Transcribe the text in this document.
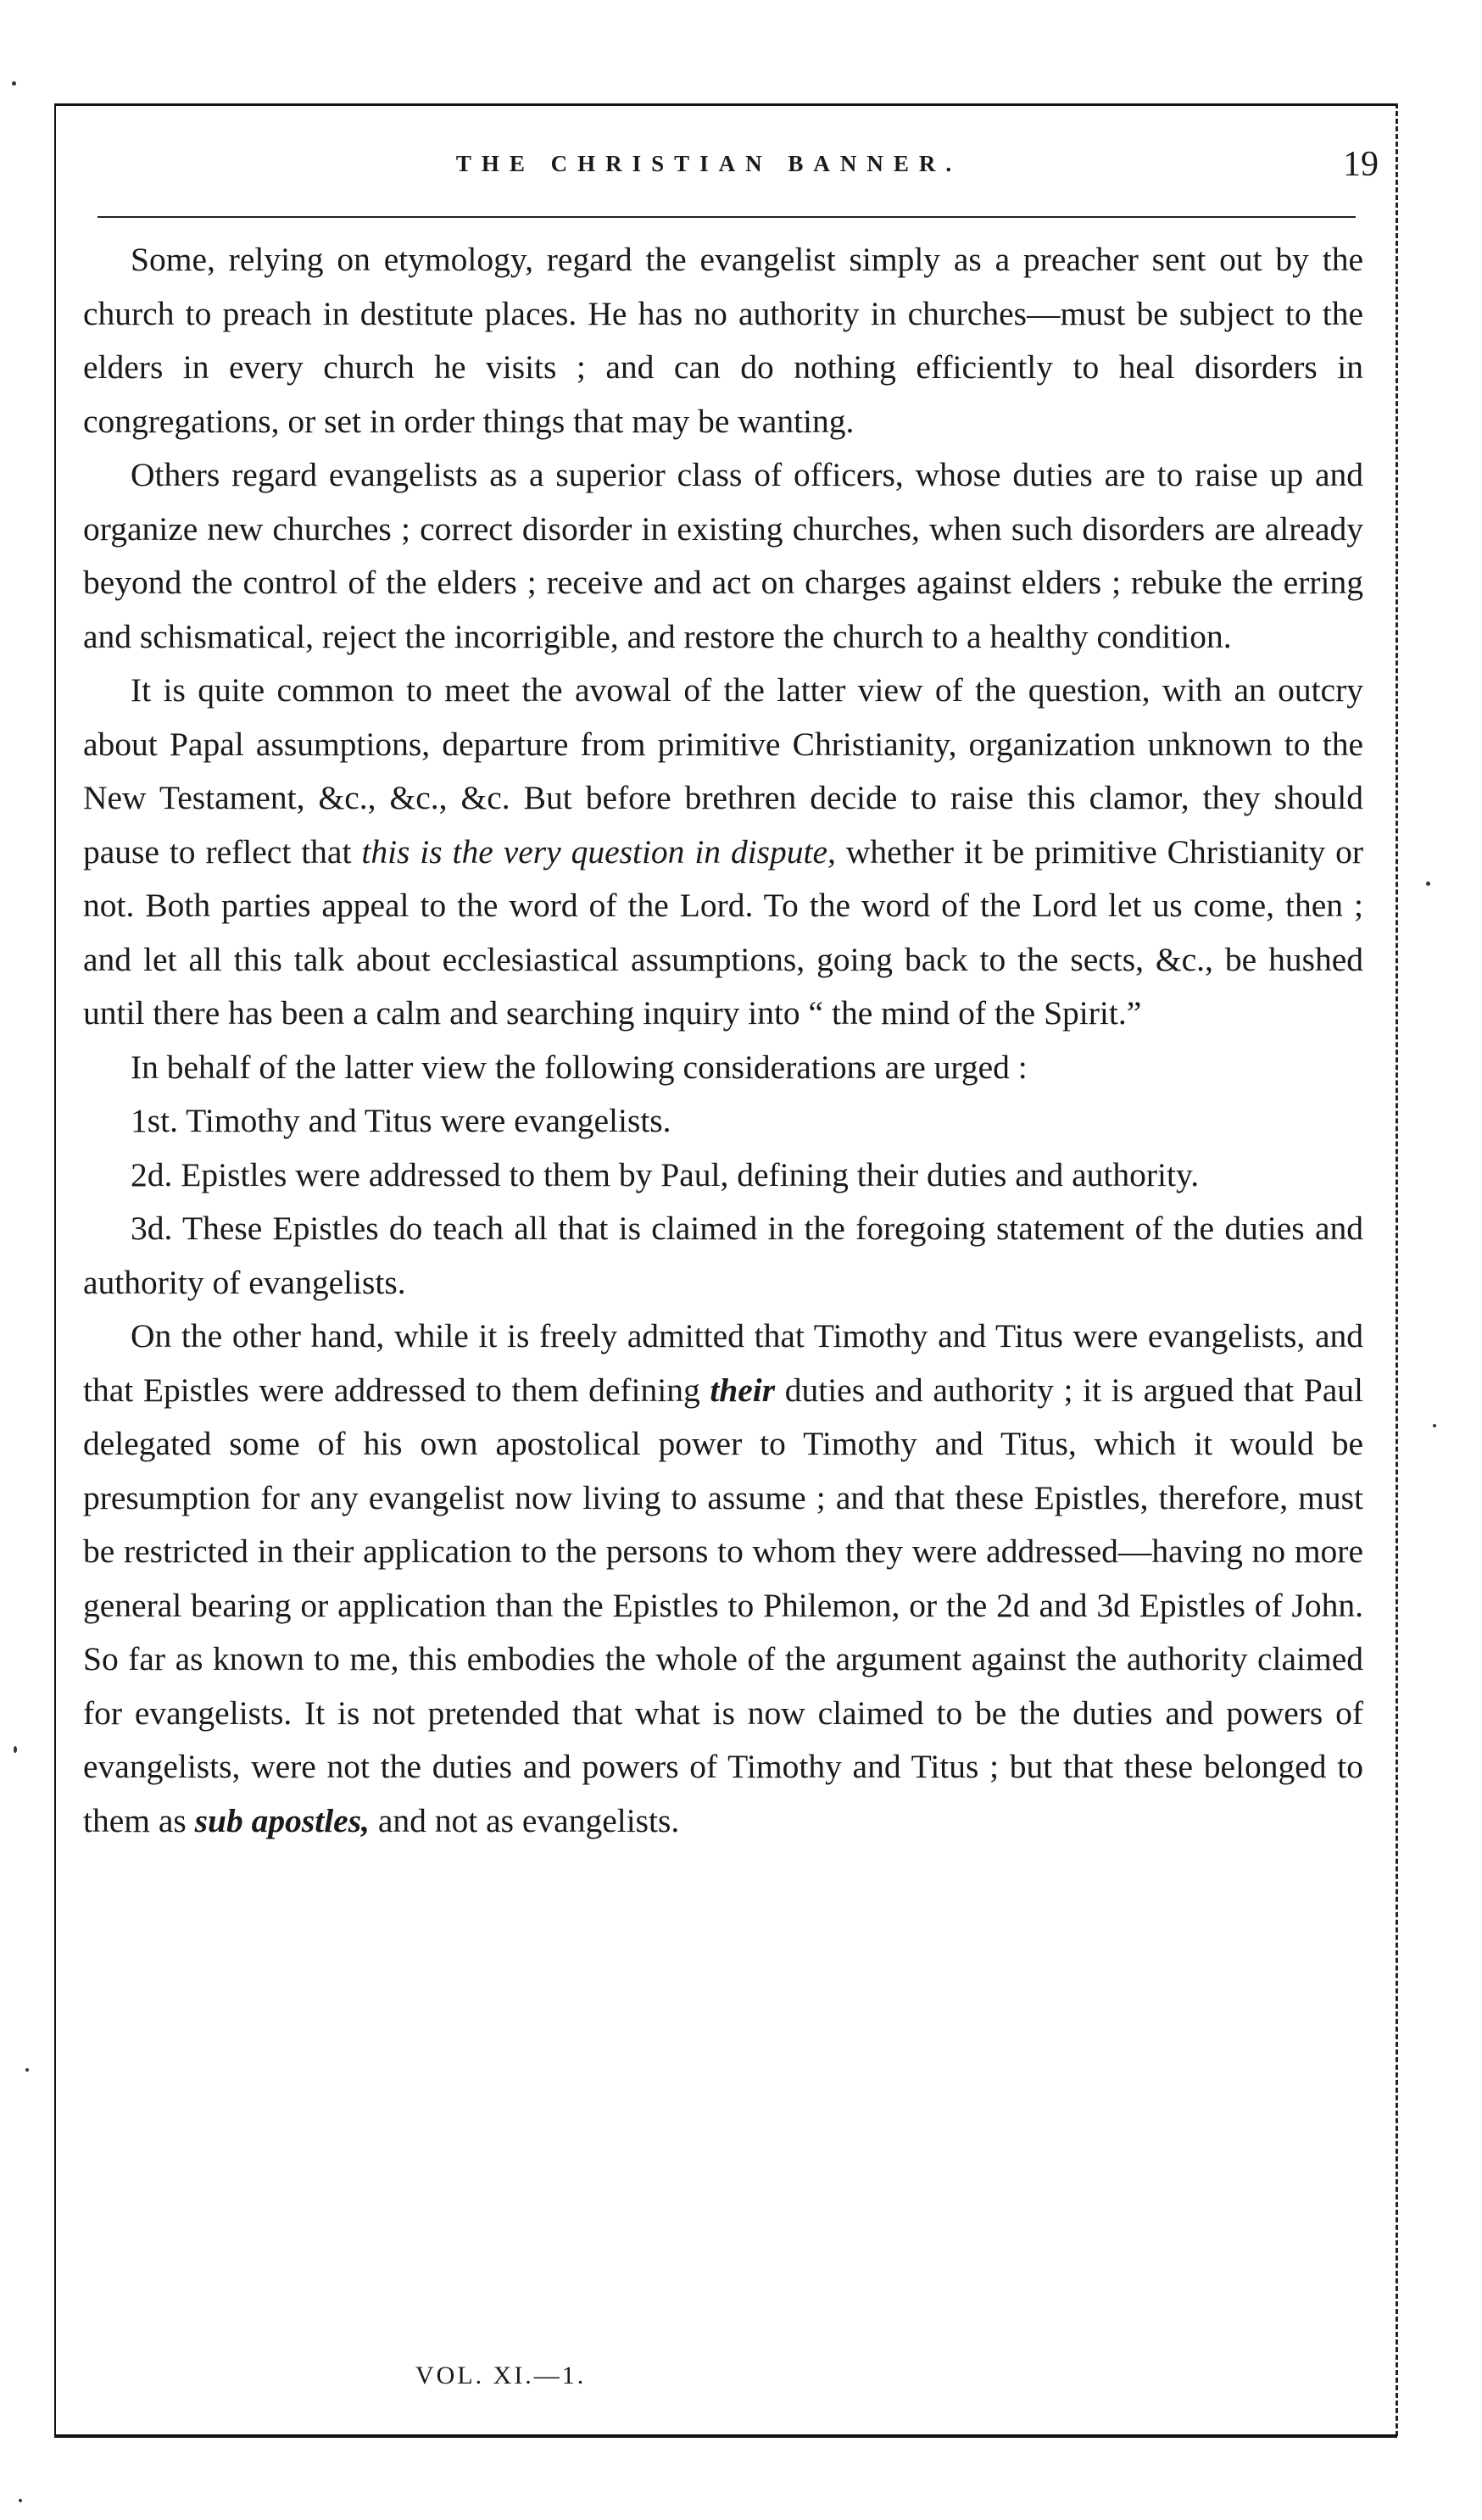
THE CHRISTIAN BANNER.	19

Some, relying on etymology, regard the evangelist simply as a preacher sent out by the church to preach in destitute places. He has no authority in churches—must be subject to the elders in every church he visits ; and can do nothing efficiently to heal disorders in congregations, or set in order things that may be wanting.

Others regard evangelists as a superior class of officers, whose duties are to raise up and organize new churches ; correct disorder in existing churches, when such disorders are already beyond the control of the elders ; receive and act on charges against elders ; rebuke the erring and schismatical, reject the incorrigible, and restore the church to a healthy condition.

It is quite common to meet the avowal of the latter view of the question, with an outcry about Papal assumptions, departure from primitive Christianity, organization unknown to the New Testament, &c., &c., &c. But before brethren decide to raise this clamor, they should pause to reflect that this is the very question in dispute, whether it be primitive Christianity or not. Both parties appeal to the word of the Lord. To the word of the Lord let us come, then ; and let all this talk about ecclesiastical assumptions, going back to the sects, &c., be hushed until there has been a calm and searching inquiry into “ the mind of the Spirit.”

In behalf of the latter view the following considerations are urged :

1st. Timothy and Titus were evangelists.

2d. Epistles were addressed to them by Paul, defining their duties and authority.

3d. These Epistles do teach all that is claimed in the foregoing statement of the duties and authority of evangelists.

On the other hand, while it is freely admitted that Timothy and Titus were evangelists, and that Epistles were addressed to them defining their duties and authority ; it is argued that Paul delegated some of his own apostolical power to Timothy and Titus, which it would be presumption for any evangelist now living to assume ; and that these Epistles, therefore, must be restricted in their application to the persons to whom they were addressed—having no more general bearing or application than the Epistles to Philemon, or the 2d and 3d Epistles of John. So far as known to me, this embodies the whole of the argument against the authority claimed for evangelists. It is not pretended that what is now claimed to be the duties and powers of evangelists, were not the duties and powers of Timothy and Titus ; but that these belonged to them as sub apostles, and not as evangelists.

VOL. XI.—1.
